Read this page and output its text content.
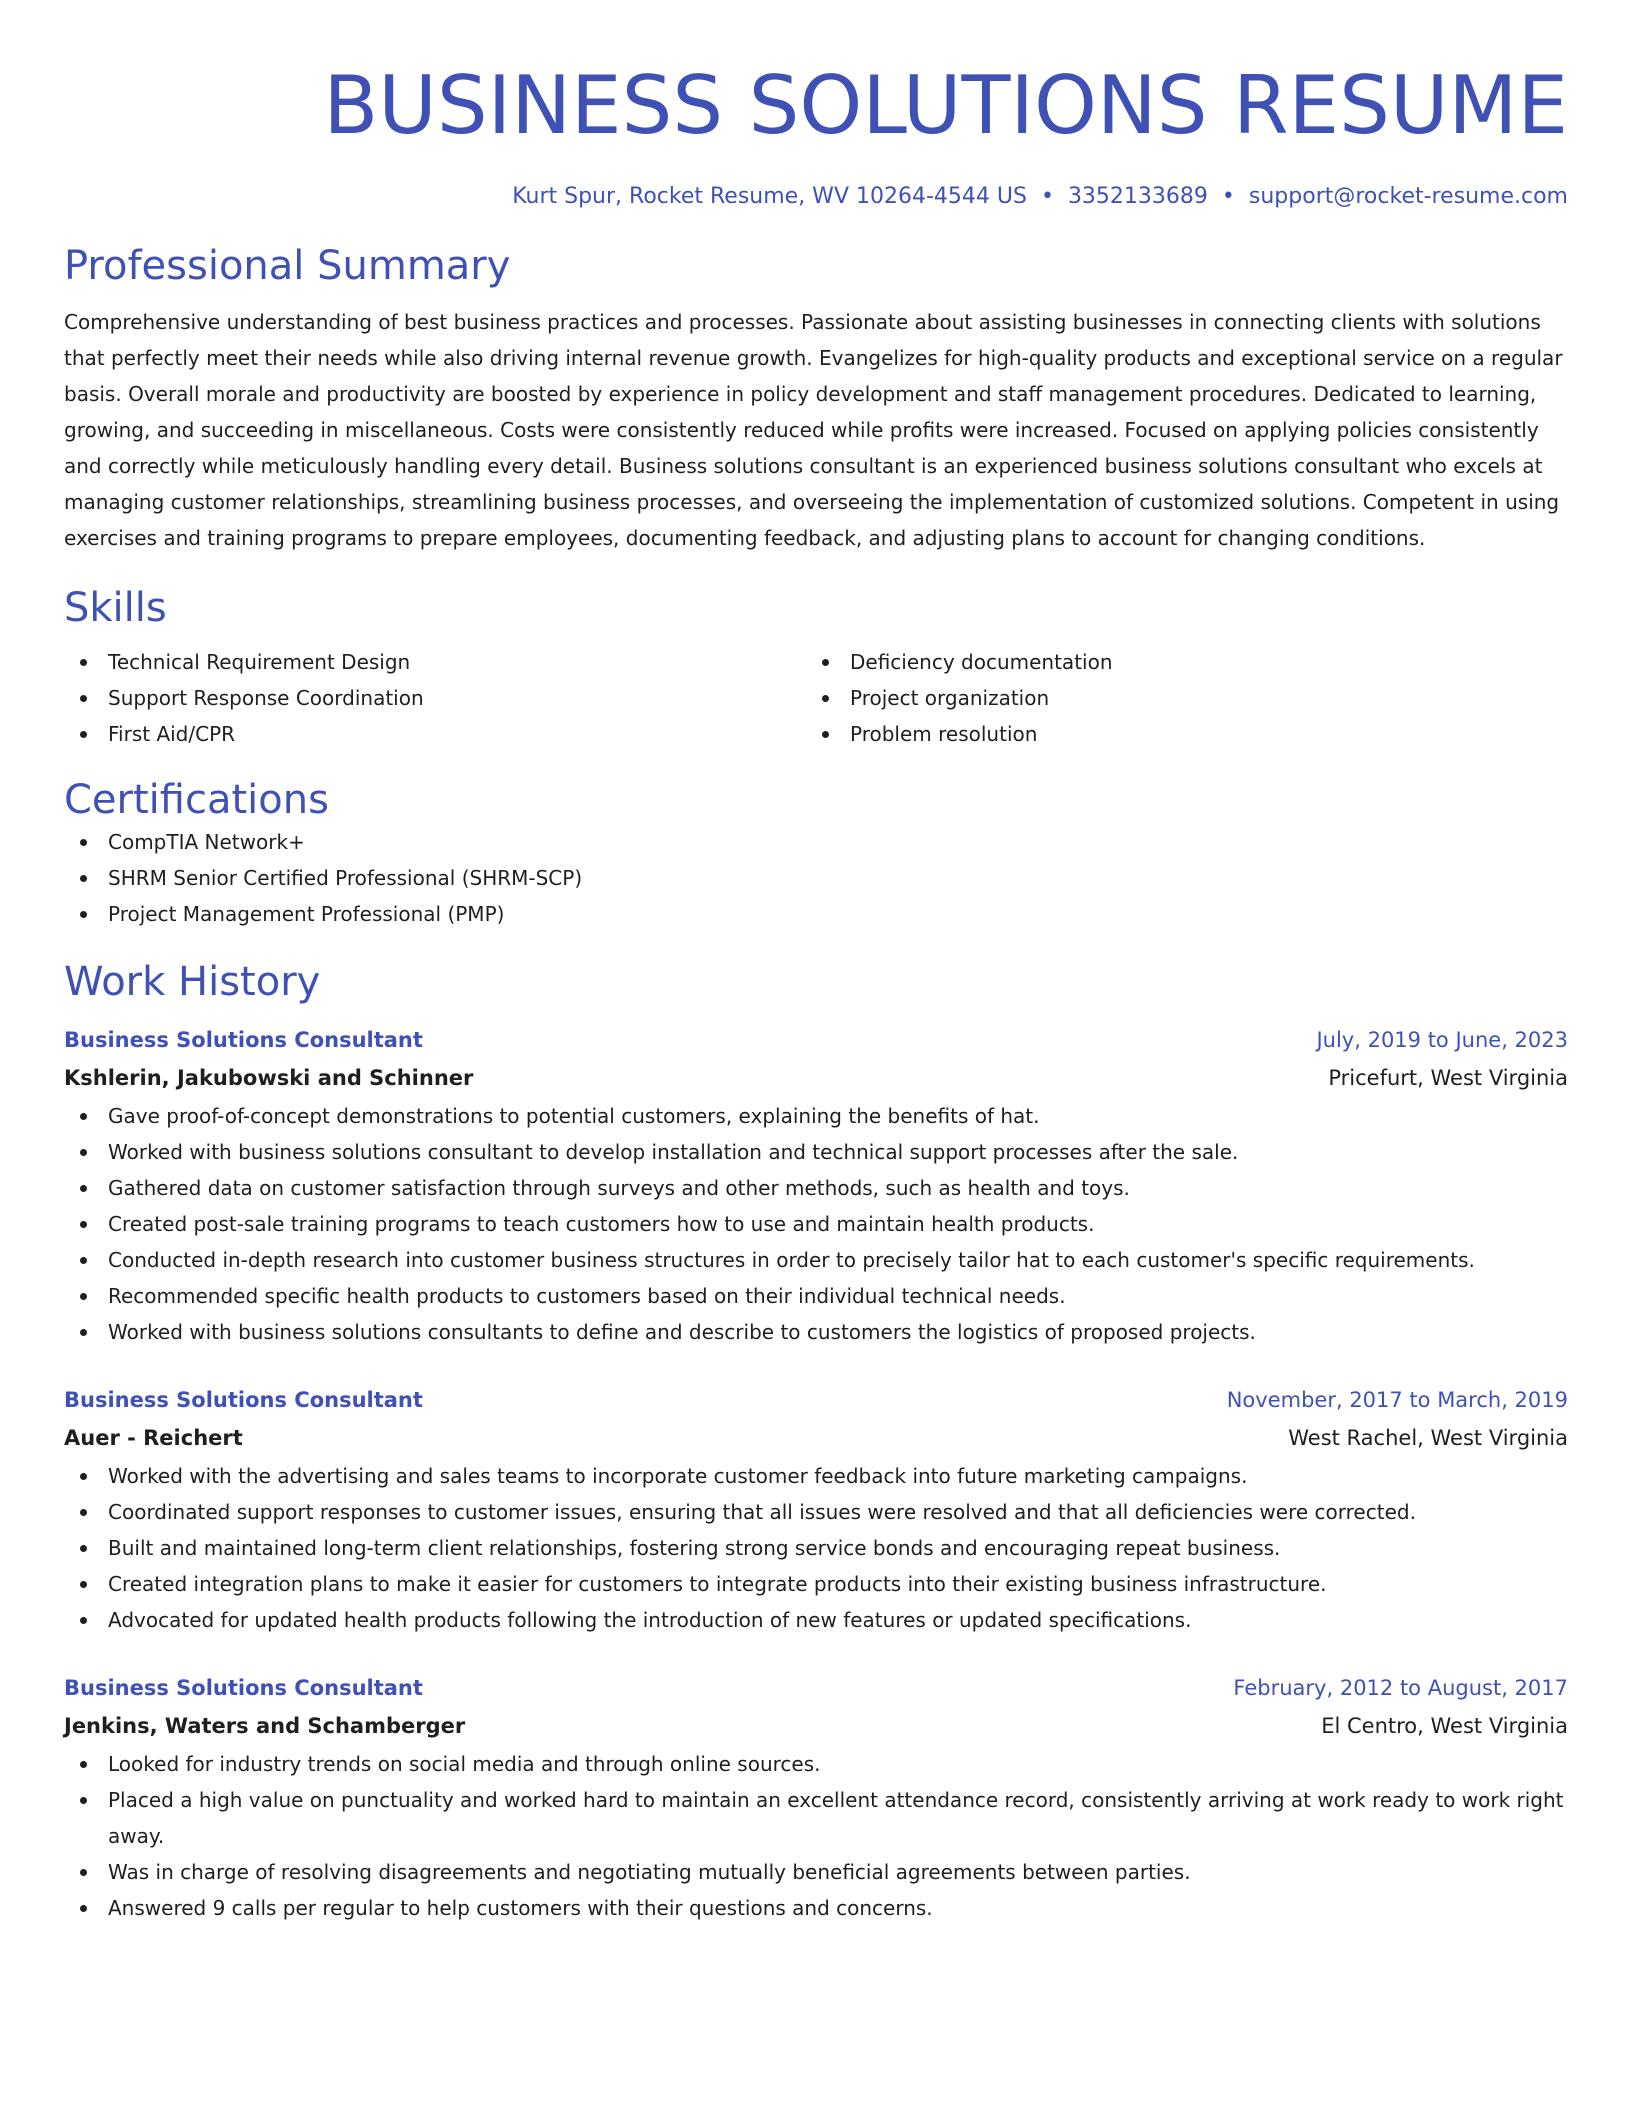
BUSINESS SOLUTIONS RESUME
Kurt Spur, Rocket Resume, WV 10264-4544 US • 3352133689 • support@rocket-resume.com
Professional Summary
Comprehensive understanding of best business practices and processes. Passionate about assisting businesses in connecting clients with solutions that perfectly meet their needs while also driving internal revenue growth. Evangelizes for high-quality products and exceptional service on a regular basis. Overall morale and productivity are boosted by experience in policy development and staff management procedures. Dedicated to learning, growing, and succeeding in miscellaneous. Costs were consistently reduced while profits were increased. Focused on applying policies consistently and correctly while meticulously handling every detail. Business solutions consultant is an experienced business solutions consultant who excels at managing customer relationships, streamlining business processes, and overseeing the implementation of customized solutions. Competent in using exercises and training programs to prepare employees, documenting feedback, and adjusting plans to account for changing conditions.
Skills
Technical Requirement Design
Support Response Coordination
First Aid/CPR
Deficiency documentation
Project organization
Problem resolution
Certifications
CompTIA Network+
SHRM Senior Certified Professional (SHRM-SCP)
Project Management Professional (PMP)
Work History
Business Solutions Consultant	July, 2019 to June, 2023
Kshlerin, Jakubowski and Schinner	Pricefurt, West Virginia
Gave proof-of-concept demonstrations to potential customers, explaining the benefits of hat.
Worked with business solutions consultant to develop installation and technical support processes after the sale.
Gathered data on customer satisfaction through surveys and other methods, such as health and toys.
Created post-sale training programs to teach customers how to use and maintain health products.
Conducted in-depth research into customer business structures in order to precisely tailor hat to each customer's specific requirements.
Recommended specific health products to customers based on their individual technical needs.
Worked with business solutions consultants to define and describe to customers the logistics of proposed projects.
Business Solutions Consultant	November, 2017 to March, 2019
Auer - Reichert	West Rachel, West Virginia
Worked with the advertising and sales teams to incorporate customer feedback into future marketing campaigns.
Coordinated support responses to customer issues, ensuring that all issues were resolved and that all deficiencies were corrected.
Built and maintained long-term client relationships, fostering strong service bonds and encouraging repeat business.
Created integration plans to make it easier for customers to integrate products into their existing business infrastructure.
Advocated for updated health products following the introduction of new features or updated specifications.
Business Solutions Consultant	February, 2012 to August, 2017
Jenkins, Waters and Schamberger	El Centro, West Virginia
Looked for industry trends on social media and through online sources.
Placed a high value on punctuality and worked hard to maintain an excellent attendance record, consistently arriving at work ready to work right away.
Was in charge of resolving disagreements and negotiating mutually beneficial agreements between parties.
Answered 9 calls per regular to help customers with their questions and concerns.
